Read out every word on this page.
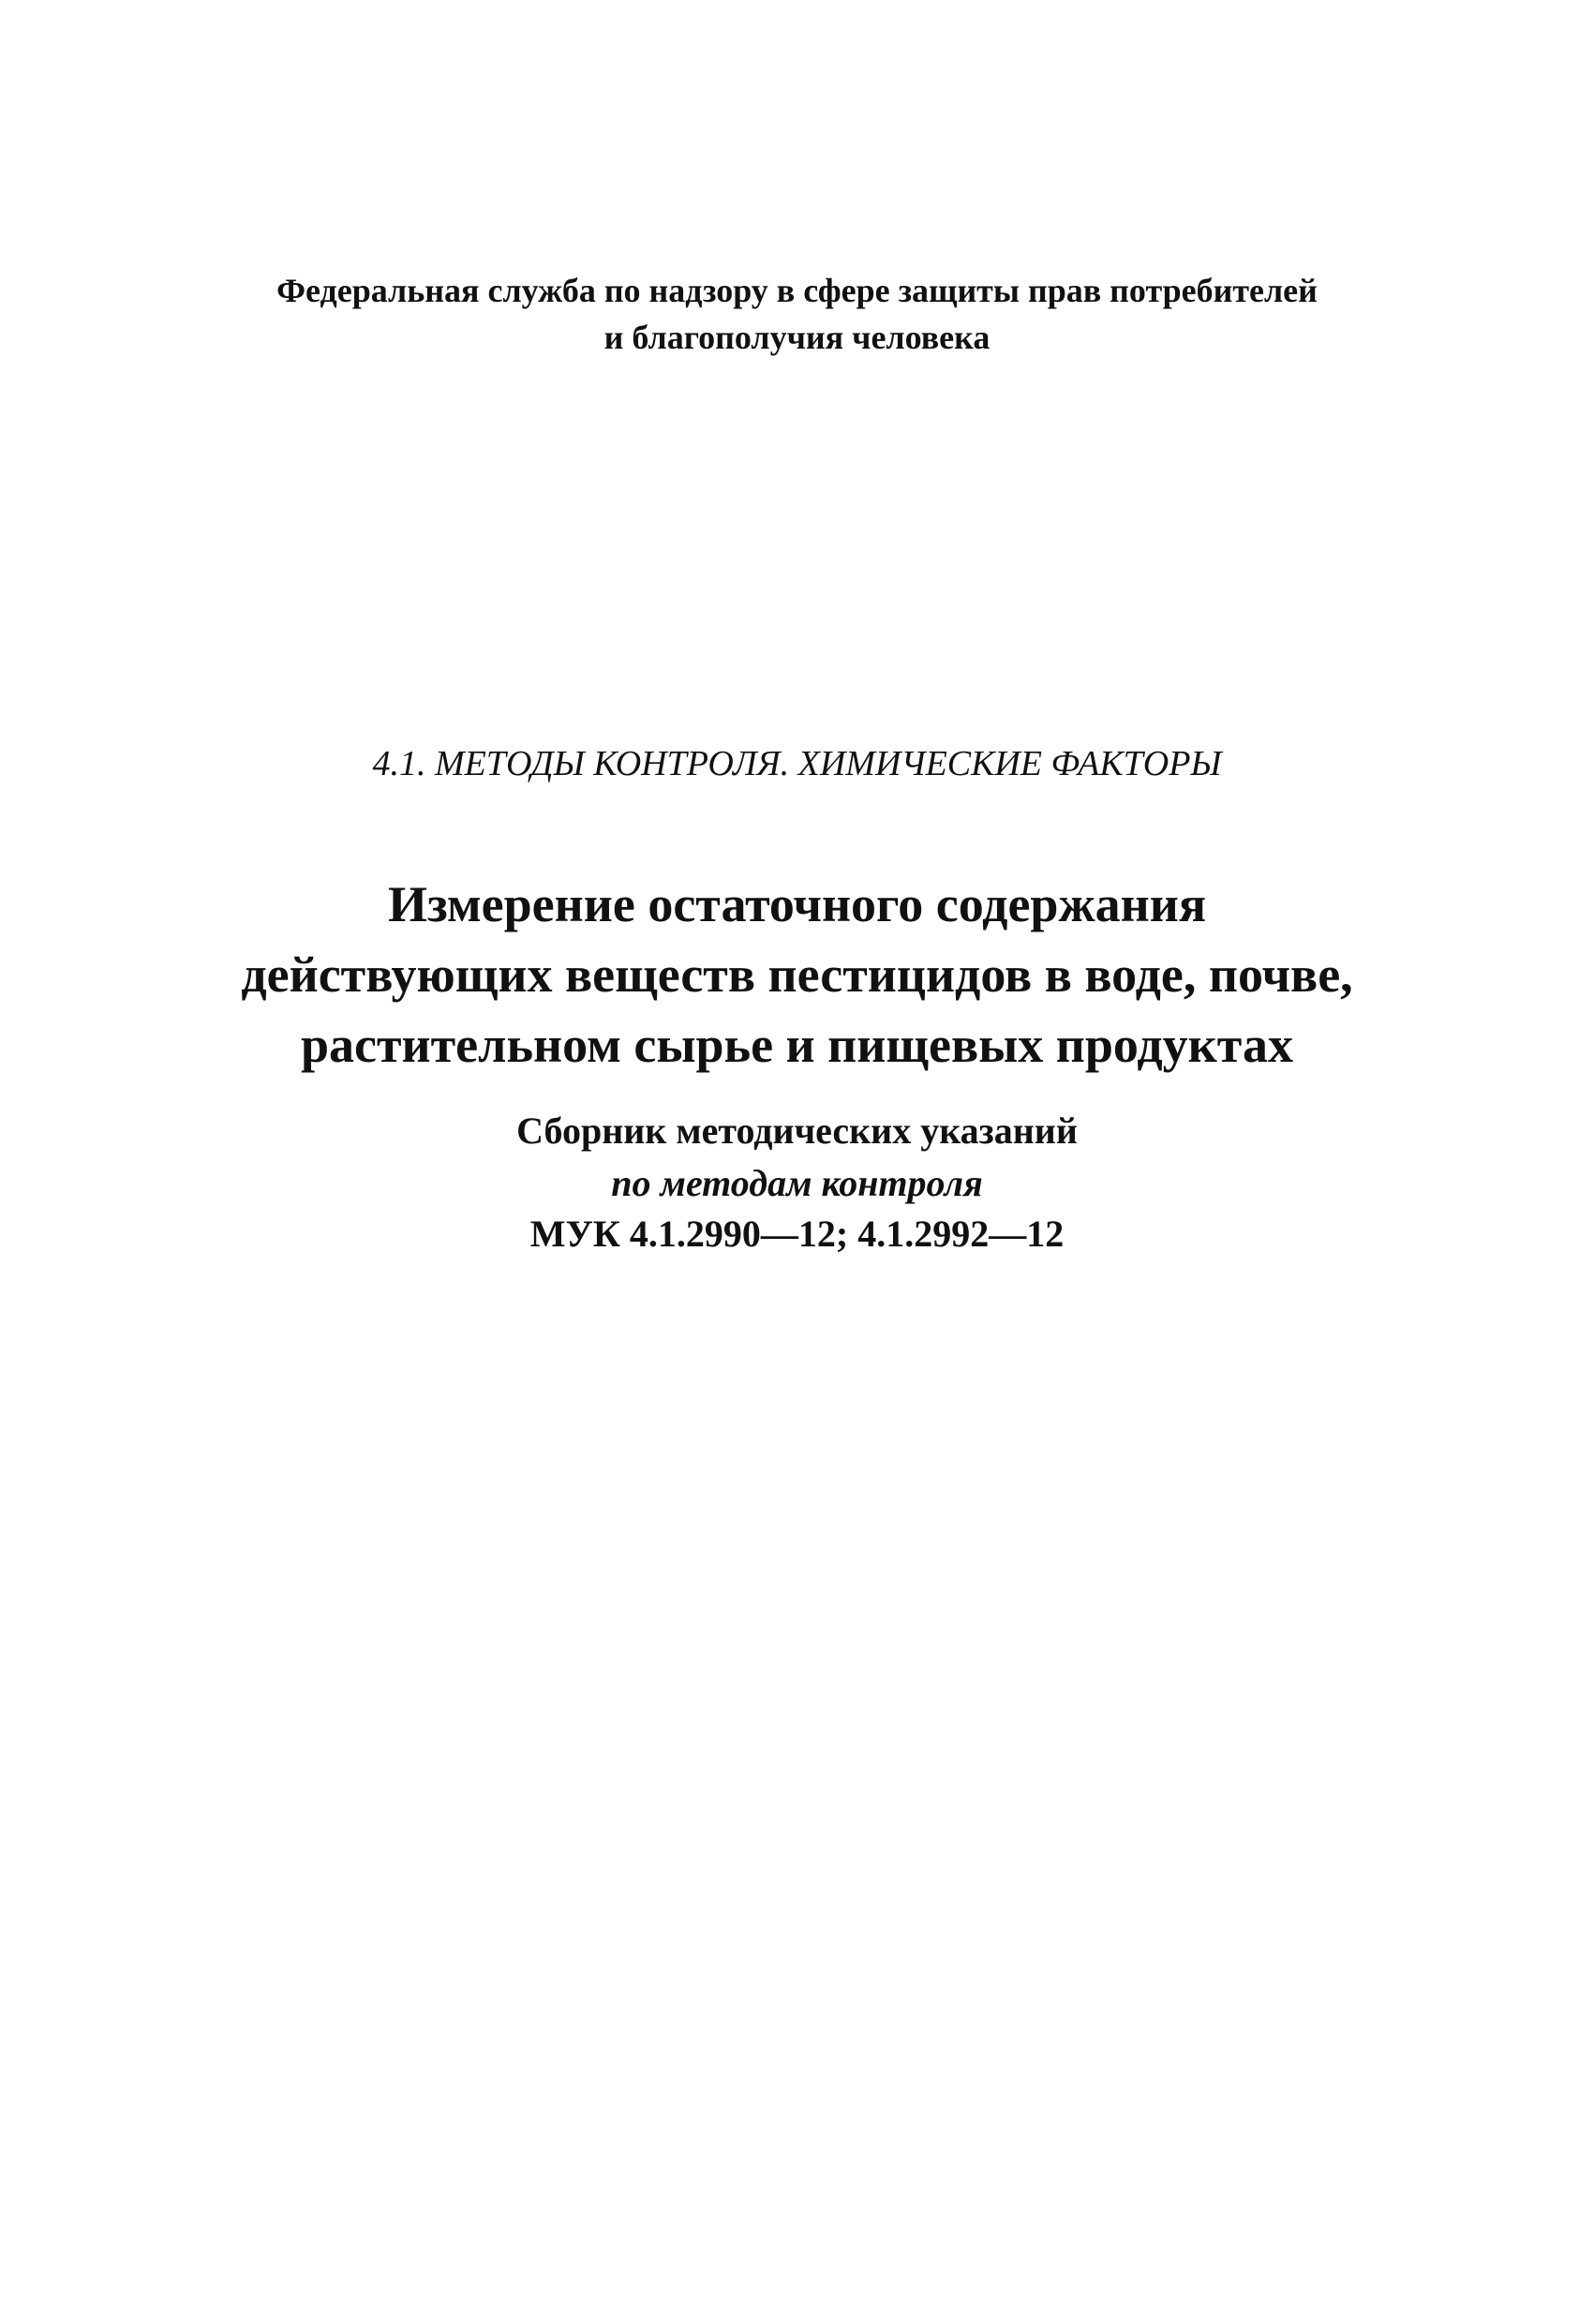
Федеральная служба по надзору в сфере защиты прав потребителей
и благополучия человека
4.1. МЕТОДЫ КОНТРОЛЯ. ХИМИЧЕСКИЕ ФАКТОРЫ
Измерение остаточного содержания
действующих веществ пестицидов в воде, почве,
растительном сырье и пищевых продуктах
Сборник методических указаний
по методам контроля
МУК 4.1.2990—12; 4.1.2992—12
